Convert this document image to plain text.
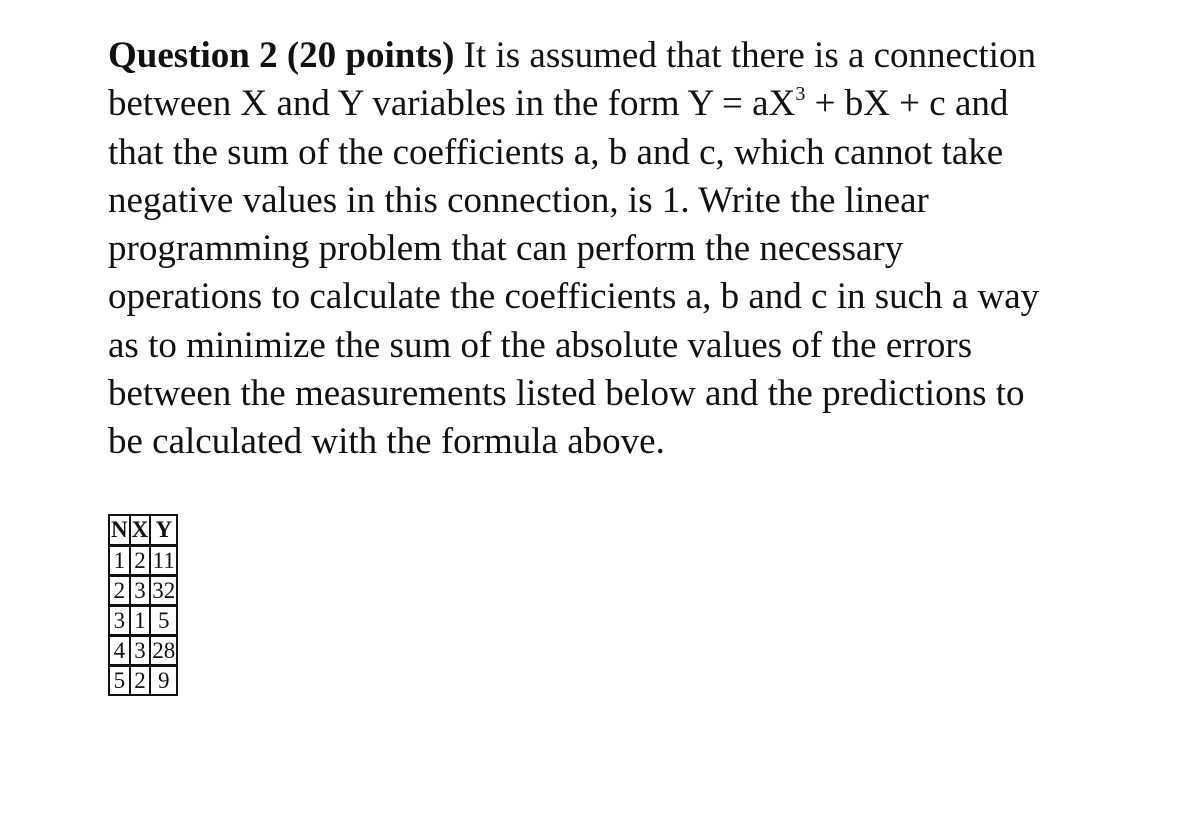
Question 2 (20 points) It is assumed that there is a connection
between X and Y variables in the form $Y = aX^3$ + bX + c and
that the sum of the coefficients a, b and c, which cannot take
negative values in this connection, is 1. Write the linear
programming problem that can perform the necessary
operations to calculate the coefficients a, b and c in such a way
as to minimize the sum of the absolute values of the errors
between the measurements listed below and the predictions to
be calculated with the formula above.
N	X	Y
1	2	11
2	3	32
3	1	5
4	3	28
5	2	9
